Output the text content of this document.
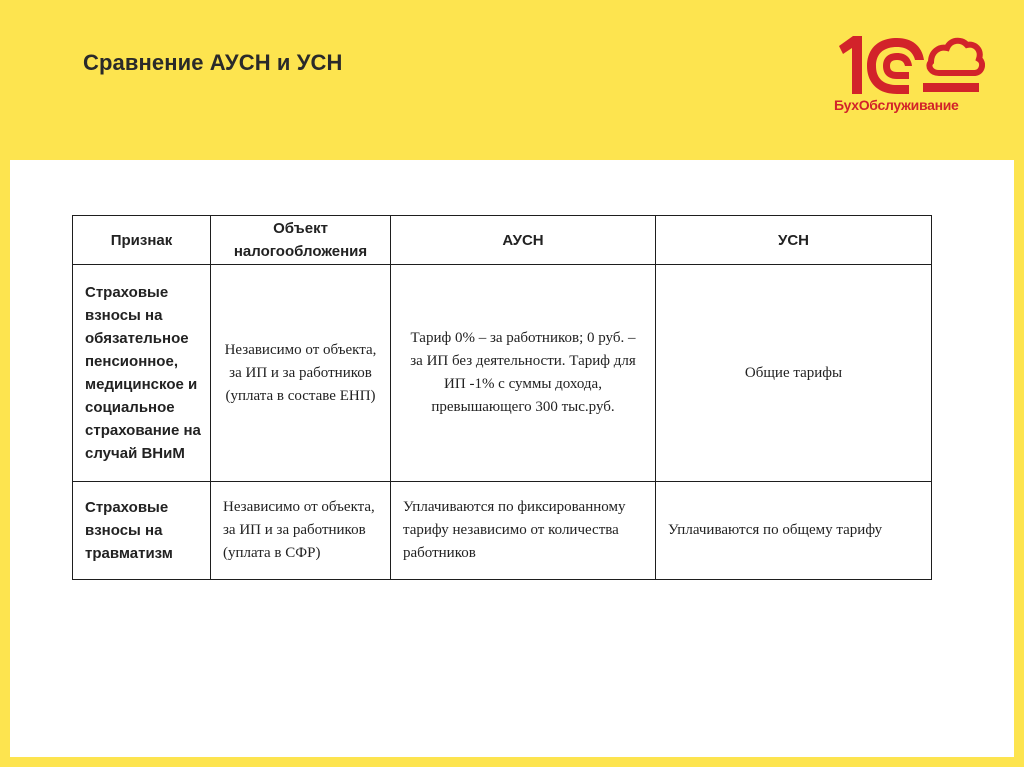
Сравнение АУСН и УСН
БухОбслуживание
Признак	Объект налогообложения	АУСН	УСН
Страховые взносы на обязательное пенсионное, медицинское и социальное страхование на случай ВНиМ	Независимо от объекта, за ИП и за работников (уплата в составе ЕНП)	Тариф 0% – за работников; 0 руб. – за ИП без деятельности. Тариф для ИП -1% с суммы дохода, превышающего 300 тыс.руб.	Общие тарифы
Страховые взносы на травматизм	Независимо от объекта, за ИП и за работников (уплата в СФР)	Уплачиваются по фиксированному тарифу независимо от количества работников	Уплачиваются по общему тарифу
